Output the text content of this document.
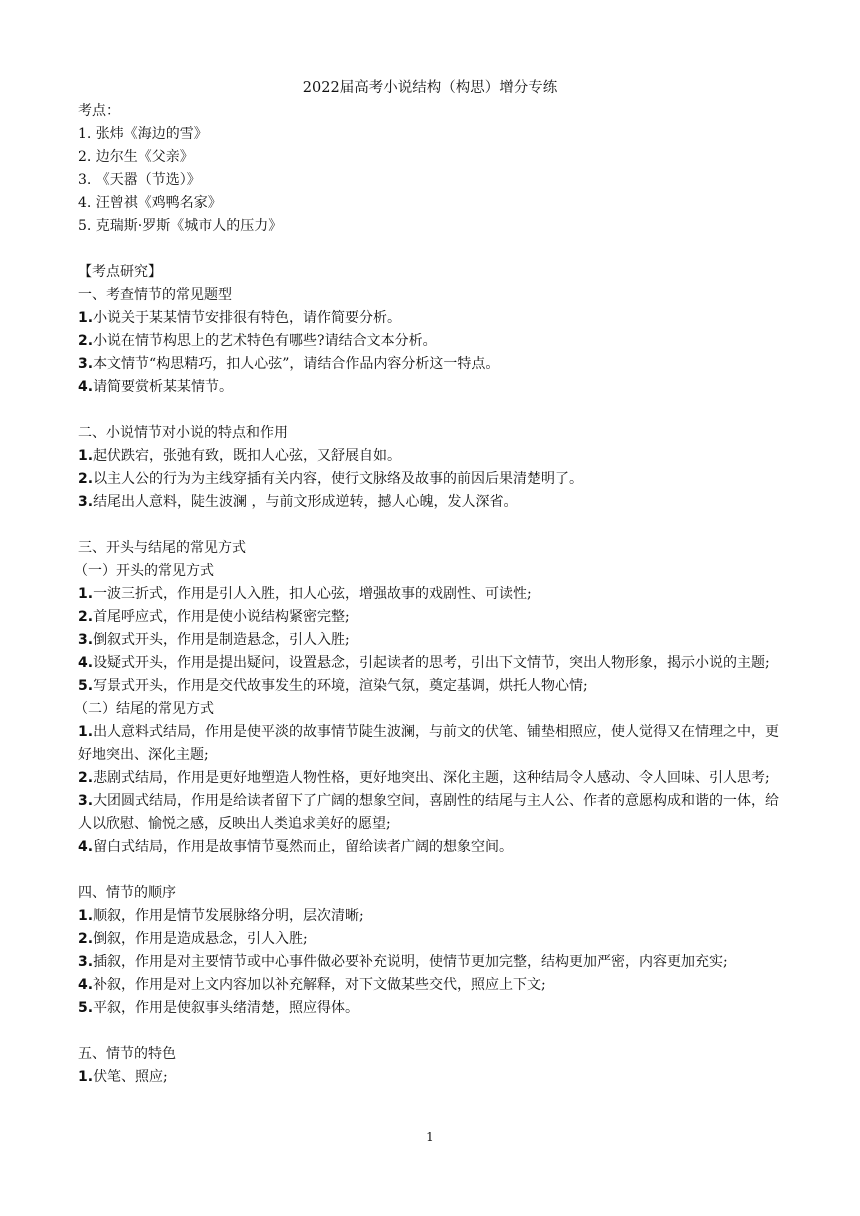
2022届高考小说结构（构思）增分专练
考点：
1. 张炜《海边的雪》
2. 边尔生《父亲》
3. 《天嚣（节选）》
4. 汪曾祺《鸡鸭名家》
5. 克瑞斯·罗斯《城市人的压力》
【考点研究】
一、考查情节的常见题型
1.小说关于某某情节安排很有特色，请作简要分析。
2.小说在情节构思上的艺术特色有哪些?请结合文本分析。
3.本文情节“构思精巧，扣人心弦”，请结合作品内容分析这一特点。
4.请简要赏析某某情节。
二、小说情节对小说的特点和作用
1.起伏跌宕，张弛有致，既扣人心弦，又舒展自如。
2.以主人公的行为为主线穿插有关内容，使行文脉络及故事的前因后果清楚明了。
3.结尾出人意料，陡生波澜 ，与前文形成逆转，撼人心魄，发人深省。
三、开头与结尾的常见方式
（一）开头的常见方式
1.一波三折式，作用是引人入胜，扣人心弦，增强故事的戏剧性、可读性;
2.首尾呼应式，作用是使小说结构紧密完整;
3.倒叙式开头，作用是制造悬念，引人入胜;
4.设疑式开头，作用是提出疑问，设置悬念，引起读者的思考，引出下文情节，突出人物形象，揭示小说的主题;
5.写景式开头，作用是交代故事发生的环境，渲染气氛，奠定基调，烘托人物心情;
（二）结尾的常见方式
1.出人意料式结局，作用是使平淡的故事情节陡生波澜，与前文的伏笔、铺垫相照应，使人觉得又在情理之中，更好地突出、深化主题;
2.悲剧式结局，作用是更好地塑造人物性格，更好地突出、深化主题，这种结局令人感动、令人回味、引人思考;
3.大团圆式结局，作用是给读者留下了广阔的想象空间，喜剧性的结尾与主人公、作者的意愿构成和谐的一体，给人以欣慰、愉悦之感，反映出人类追求美好的愿望;
4.留白式结局，作用是故事情节戛然而止，留给读者广阔的想象空间。
四、情节的顺序
1.顺叙，作用是情节发展脉络分明，层次清晰;
2.倒叙，作用是造成悬念，引人入胜;
3.插叙，作用是对主要情节或中心事件做必要补充说明，使情节更加完整，结构更加严密，内容更加充实;
4.补叙，作用是对上文内容加以补充解释，对下文做某些交代，照应上下文;
5.平叙，作用是使叙事头绪清楚，照应得体。
五、情节的特色
1.伏笔、照应;
1
